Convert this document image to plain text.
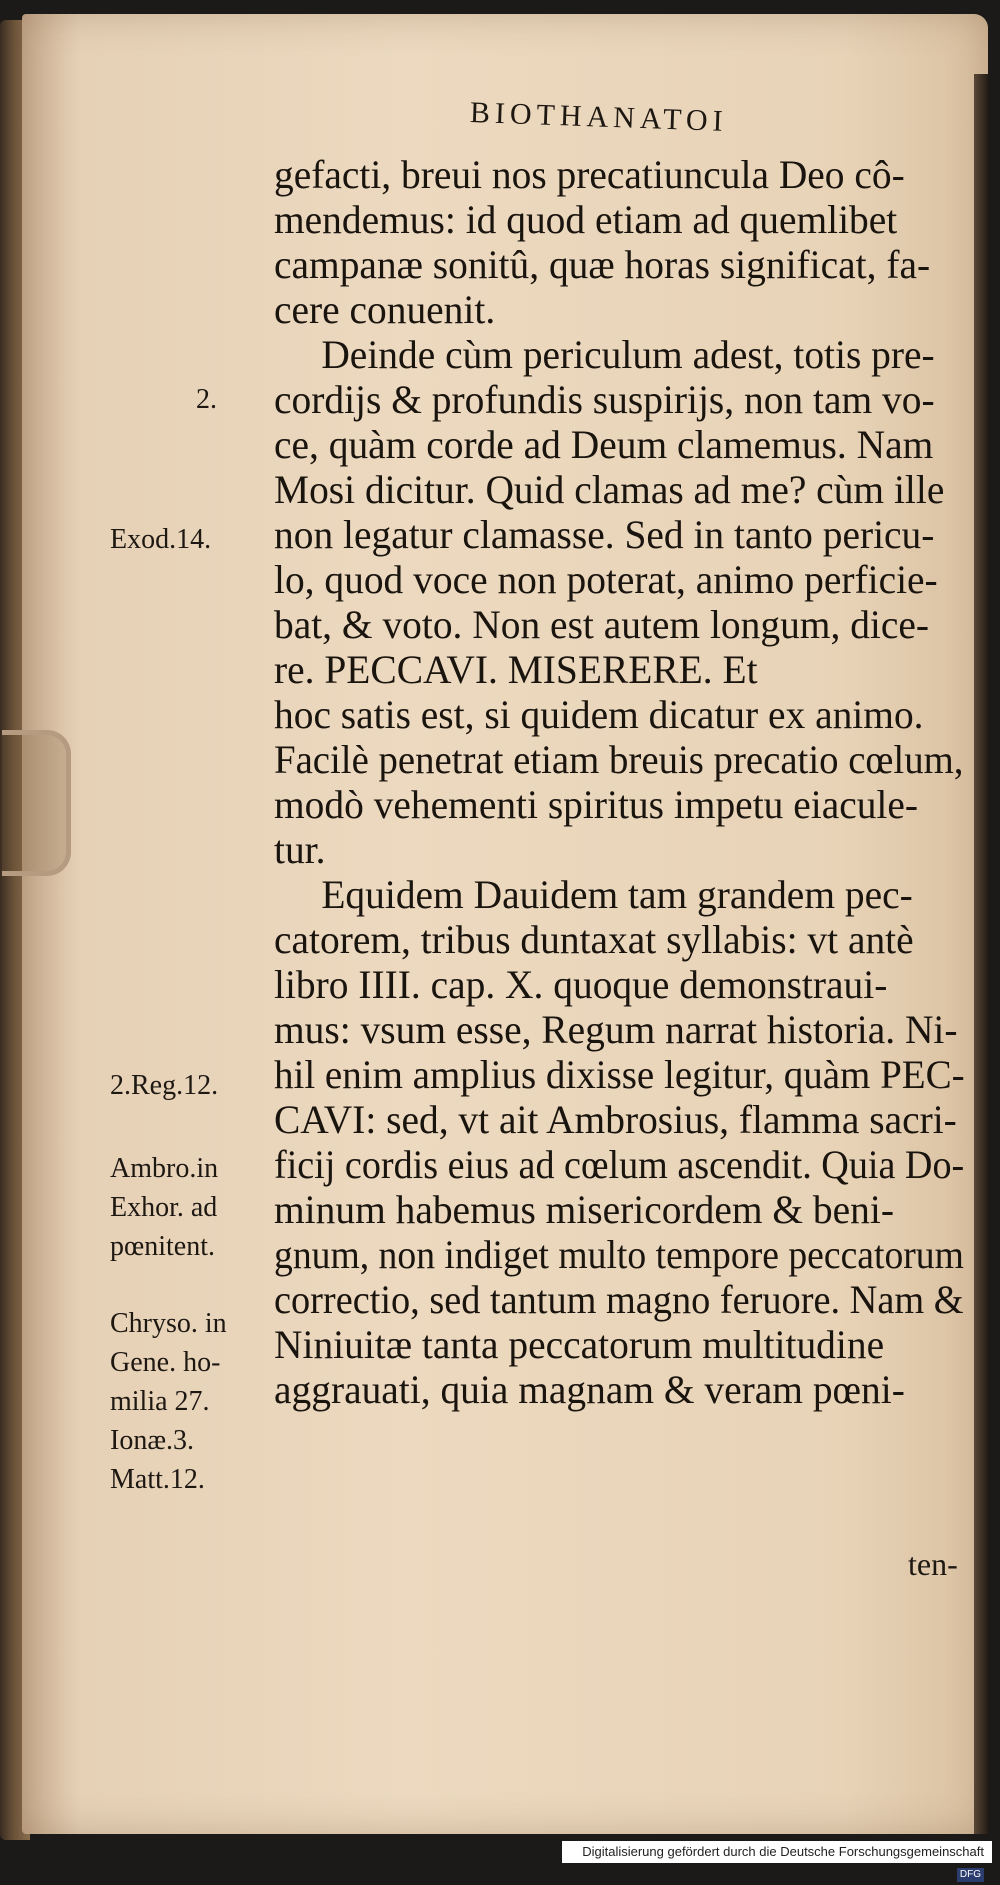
BIOTHANATOI
gefacti, breui nos precatiuncula Deo cô-
mendemus: id quod etiam ad quemlibet
campanæ sonitû, quæ horas significat, fa-
cere conuenit.
Deinde cùm periculum adest, totis pre-
cordijs & profundis suspirijs, non tam vo-
ce, quàm corde ad Deum clamemus. Nam
Mosi dicitur. Quid clamas ad me? cùm ille
non legatur clamasse. Sed in tanto pericu-
lo, quod voce non poterat, animo perficie-
bat, & voto. Non est autem longum, dice-
re. PECCAVI. MISERERE. Et
hoc satis est, si quidem dicatur ex animo.
Facilè penetrat etiam breuis precatio cœlum,
modò vehementi spiritus impetu eiacule-
tur.
Equidem Dauidem tam grandem pec-
catorem, tribus duntaxat syllabis: vt antè
libro IIII. cap. X. quoque demonstraui-
mus: vsum esse, Regum narrat historia. Ni-
hil enim amplius dixisse legitur, quàm PEC-
CAVI: sed, vt ait Ambrosius, flamma sacri-
ficij cordis eius ad cœlum ascendit. Quia Do-
minum habemus misericordem & beni-
gnum, non indiget multo tempore peccatorum
correctio, sed tantum magno feruore. Nam &
Niniuitæ tanta peccatorum multitudine
aggrauati, quia magnam & veram pœni-
2.
Exod.14.
2.Reg.12.
Ambro.in
Exhor. ad
pœnitent.
Chryso. in
Gene. ho-
milia 27.
Ionæ.3.
Matt.12.
ten-
Digitalisierung gefördert durch die Deutsche Forschungsgemeinschaft DFG
